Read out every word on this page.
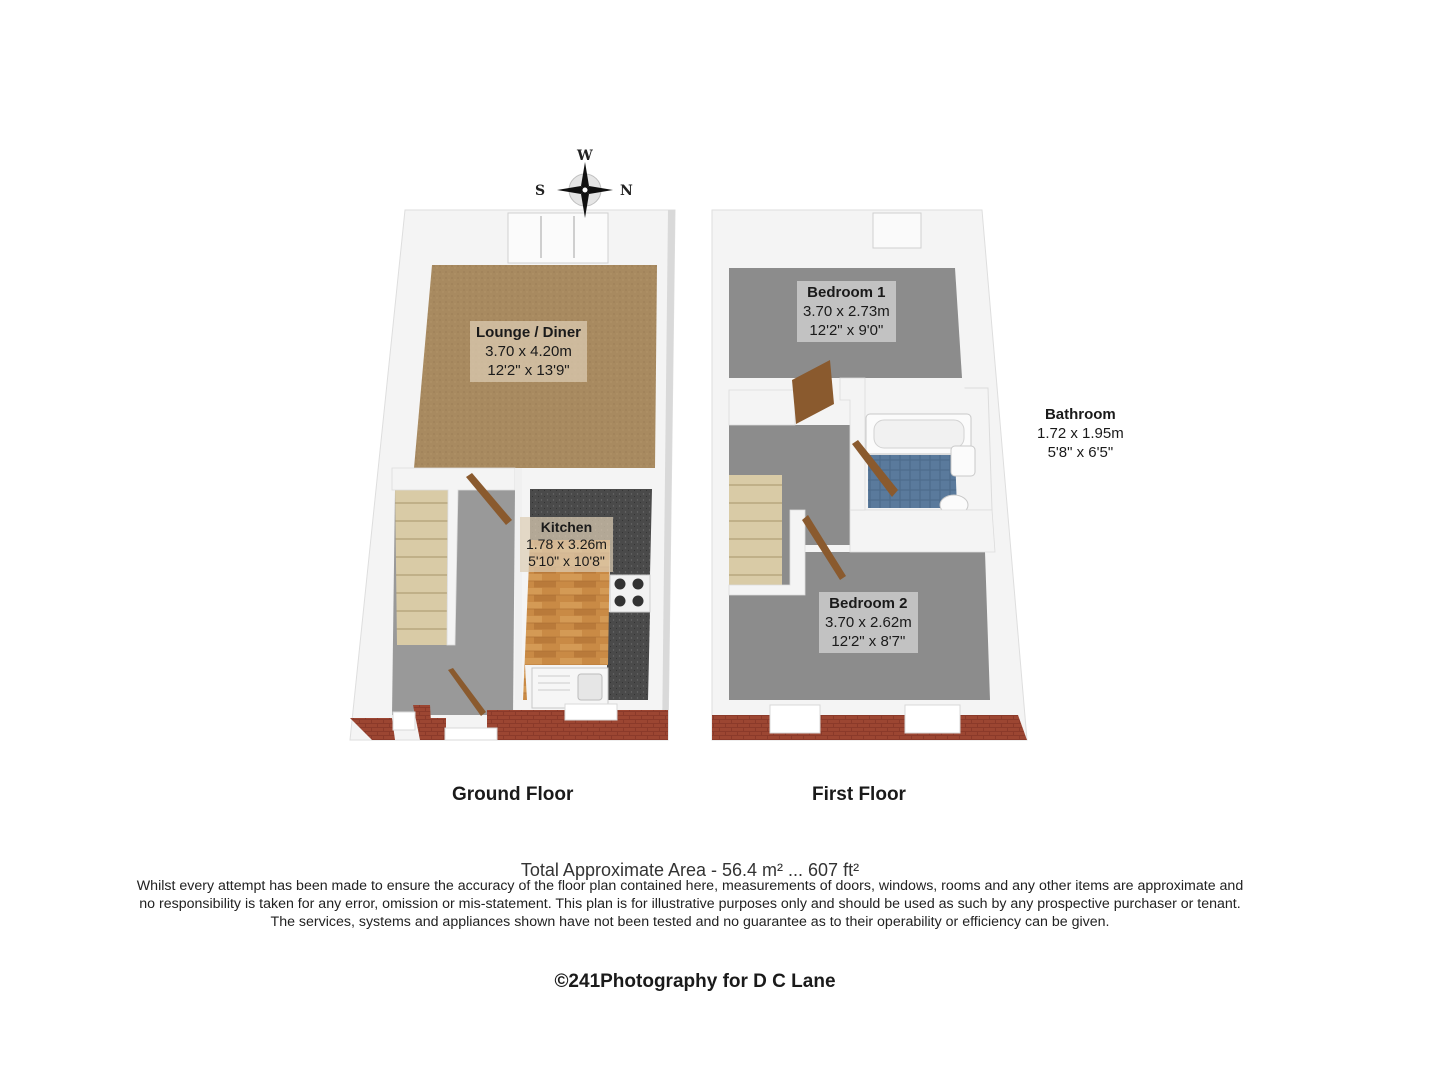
W
S	N
Lounge / Diner
3.70 x 4.20m
12'2" x 13'9"
Kitchen
1.78 x 3.26m
5'10" x 10'8"
Bedroom 1
3.70 x 2.73m
12'2" x 9'0"
Bathroom
1.72 x 1.95m
5'8" x 6'5"
Bedroom 2
3.70 x 2.62m
12'2" x 8'7"
Ground Floor	First Floor
Total Approximate Area - 56.4 m² ... 607 ft²
Whilst every attempt has been made to ensure the accuracy of the floor plan contained here, measurements of doors, windows, rooms and any other items are approximate and
no responsibility is taken for any error, omission or mis-statement. This plan is for illustrative purposes only and should be used as such by any prospective purchaser or tenant.
The services, systems and appliances shown have not been tested and no guarantee as to their operability or efficiency can be given.
©241Photography for D C Lane
